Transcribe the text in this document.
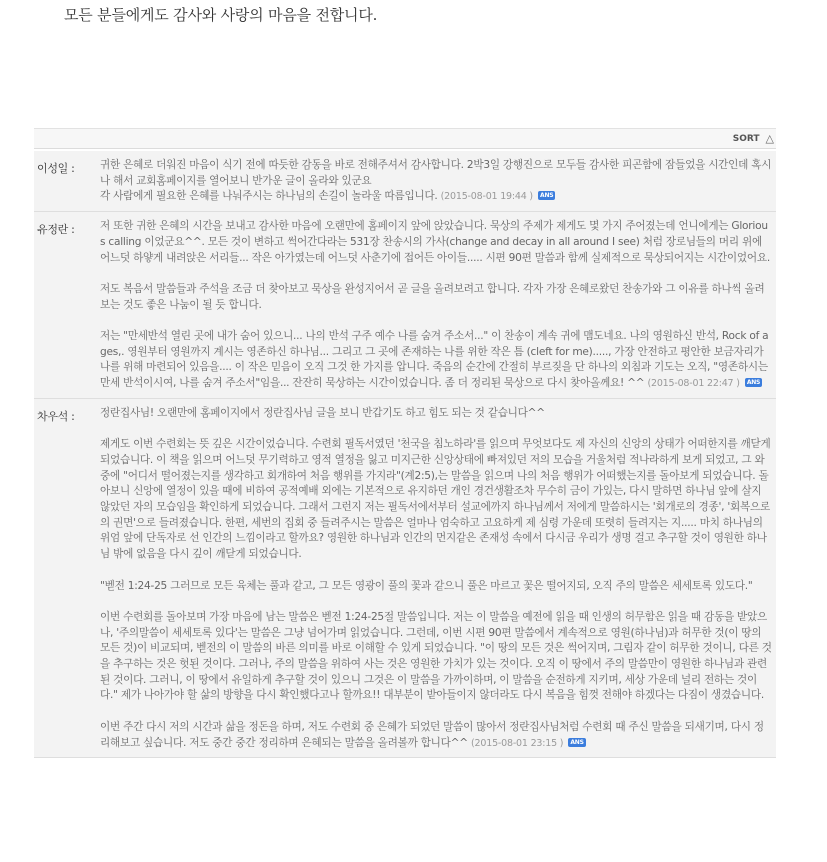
모든 분들에게도 감사와 사랑의 마음을 전합니다.
SORT △
이성일 : 귀한 은혜로 더워진 마음이 식기 전에 따듯한 감동을 바로 전해주셔서 감사합니다. 2박3일 강행진으로 모두들 감사한 피곤함에 잠들었을 시간인데 혹시나 해서 교회홈페이지를 열어보니 반가운 글이 올라와 있군요

각 사람에게 필요한 은혜를 나눠주시는 하나님의 손길이 놀라울 따름입니다. (2015-08-01 19:44 ) ANS
유정란 : 저 또한 귀한 은혜의 시간을 보내고 감사한 마음에 오랜만에 홈페이지 앞에 앉았습니다. 묵상의 주제가 제게도 몇 가지 주어졌는데 언니에게는 Glorious calling 이었군요^^. 모든 것이 변하고 썩어간다라는 531장 찬송시의 가사(change and decay in all around I see) 처럼 장로님들의 머리 위에 어느덧 하얗게 내려앉은 서리들... 작은 아가였는데 어느덧 사춘기에 접어든 아이들..... 시편 90편 말씀과 함께 실제적으로 묵상되어지는 시간이었어요.

저도 복음서 말씀들과 주석을 조금 더 찾아보고 묵상을 완성지어서 곧 글을 올려보려고 합니다. 각자 가장 은혜로왔던 찬송가와 그 이유를 하나씩 올려보는 것도 좋은 나눔이 될 듯 합니다.

저는 "만세반석 열린 곳에 내가 숨어 있으니... 나의 반석 구주 예수 나를 숨겨 주소서..." 이 찬송이 계속 귀에 맴도네요. 나의 영원하신 반석, Rock of ages,. 영원부터 영원까지 계시는 영존하신 하나님... 그리고 그 곳에 존재하는 나를 위한 작은 틈 (cleft for me)....., 가장 안전하고 평안한 보금자리가 나를 위해 마련되어 있음을.... 이 작은 믿음이 오직 그것 한 가지를 압니다. 죽음의 순간에 간절히 부르짖을 단 하나의 외침과 기도는 오직, "영존하시는 만세 반석이시여, 나를 숨겨 주소서"임을... 잔잔히 묵상하는 시간이었습니다. 좀 더 정리된 묵상으로 다시 찾아올께요! ^^ (2015-08-01 22:47 ) ANS

차우석 : 정란집사님! 오랜만에 홈페이지에서 정란집사님 글을 보니 반갑기도 하고 힘도 되는 것 같습니다^^

제게도 이번 수련회는 뜻 깊은 시간이었습니다. 수련회 필독서였던 '천국을 침노하라'를 읽으며 무엇보다도 제 자신의 신앙의 상태가 어떠한지를 깨닫게 되었습니다. 이 책을 읽으며 어느덧 무기력하고 영적 열정을 잃고 미지근한 신앙상태에 빠져있던 저의 모습을 거울처럼 적나라하게 보게 되었고, 그 와중에 "어디서 떨어졌는지를 생각하고 회개하여 처음 행위를 가지라"(계2:5),는 말씀을 읽으며 나의 처음 행위가 어떠했는지를 돌아보게 되었습니다. 돌아보니 신앙에 열정이 있을 때에 비하여 공적예배 외에는 기본적으로 유지하던 개인 경건생활조차 무수히 금이 가있는, 다시 말하면 하나님 앞에 살지 않았던 자의 모습임을 확인하게 되었습니다. 그래서 그런지 저는 필독서에서부터 설교에까지 하나님께서 저에게 말씀하시는 '회개로의 경종', '회복으로의 권면'으로 들려졌습니다. 한편, 세번의 집회 중 들려주시는 말씀은 얼마나 엄숙하고 고요하게 제 심령 가운데 또렷히 들려지는 지..... 마치 하나님의 위엄 앞에 단독자로 선 인간의 느낌이라고 할까요? 영원한 하나님과 인간의 먼지같은 존재성 속에서 다시금 우리가 생명 걸고 추구할 것이 영원한 하나님 밖에 없음을 다시 깊이 깨닫게 되었습니다.

"벧전 1:24-25 그러므로 모든 육체는 풀과 같고, 그 모든 영광이 풀의 꽃과 같으니 풀은 마르고 꽃은 떨어지되, 오직 주의 말씀은 세세토록 있도다."

이번 수련회를 돌아보며 가장 마음에 남는 말씀은 벧전 1:24-25절 말씀입니다. 저는 이 말씀을 예전에 읽을 때 인생의 허무함은 읽을 때 감동을 받았으나, '주의말씀이 세세토록 있다'는 말씀은 그냥 넘어가며 읽었습니다. 그런데, 이번 시편 90편 말씀에서 계속적으로 영원(하나님)과 허무한 것(이 땅의 모든 것)이 비교되며, 벧전의 이 말씀의 바른 의미를 바로 이해할 수 있게 되었습니다. "이 땅의 모든 것은 썩어지며, 그림자 같이 허무한 것이니, 다른 것을 추구하는 것은 헛된 것이다. 그러나, 주의 말씀을 위하여 사는 것은 영원한 가치가 있는 것이다. 오직 이 땅에서 주의 말씀만이 영원한 하나님과 관련된 것이다. 그러니, 이 땅에서 유일하게 추구할 것이 있으니 그것은 이 말씀을 가까이하며, 이 말씀을 순전하게 지키며, 세상 가운데 널리 전하는 것이다." 제가 나아가야 할 삶의 방향을 다시 확인했다고나 할까요!! 대부분이 받아들이지 않더라도 다시 복음을 힘껏 전해야 하겠다는 다짐이 생겼습니다.

이번 주간 다시 저의 시간과 삶을 정돈을 하며, 저도 수련회 중 은혜가 되었던 말씀이 많아서 정란집사님처럼 수련회 때 주신 말씀을 되새기며, 다시 정리해보고 싶습니다. 저도 중간 중간 정리하며 은혜되는 말씀을 올려볼까 합니다^^ (2015-08-01 23:15 ) ANS
